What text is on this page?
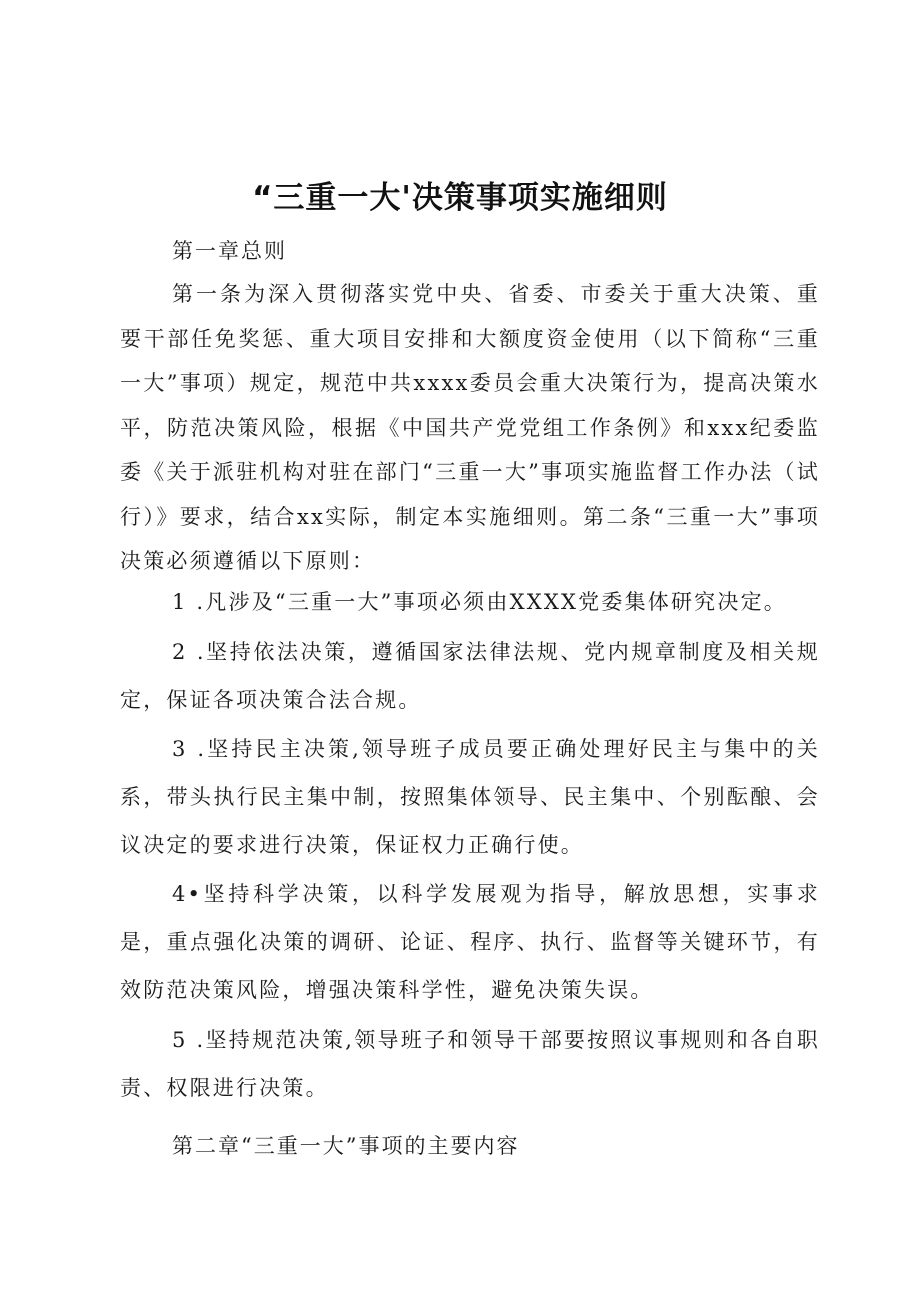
“三重一大'决策事项实施细则
第一章总则
第一条为深入贯彻落实党中央、省委、市委关于重大决策、重要干部任免奖惩、重大项目安排和大额度资金使用（以下简称“三重一大”事项）规定，规范中共xxxx委员会重大决策行为，提高决策水平，防范决策风险，根据《中国共产党党组工作条例》和xxx纪委监委《关于派驻机构对驻在部门“三重一大”事项实施监督工作办法（试行）》要求，结合xx实际，制定本实施细则。第二条“三重一大”事项决策必须遵循以下原则：
1 .凡涉及“三重一大”事项必须由XXXX党委集体研究决定。
2 .坚持依法决策，遵循国家法律法规、党内规章制度及相关规定，保证各项决策合法合规。
3 .坚持民主决策,领导班子成员要正确处理好民主与集中的关系，带头执行民主集中制，按照集体领导、民主集中、个别酝酿、会议决定的要求进行决策，保证权力正确行使。
4•坚持科学决策，以科学发展观为指导，解放思想，实事求是，重点强化决策的调研、论证、程序、执行、监督等关键环节，有效防范决策风险，增强决策科学性，避免决策失误。
5 .坚持规范决策,领导班子和领导干部要按照议事规则和各自职责、权限进行决策。
第二章“三重一大”事项的主要内容
